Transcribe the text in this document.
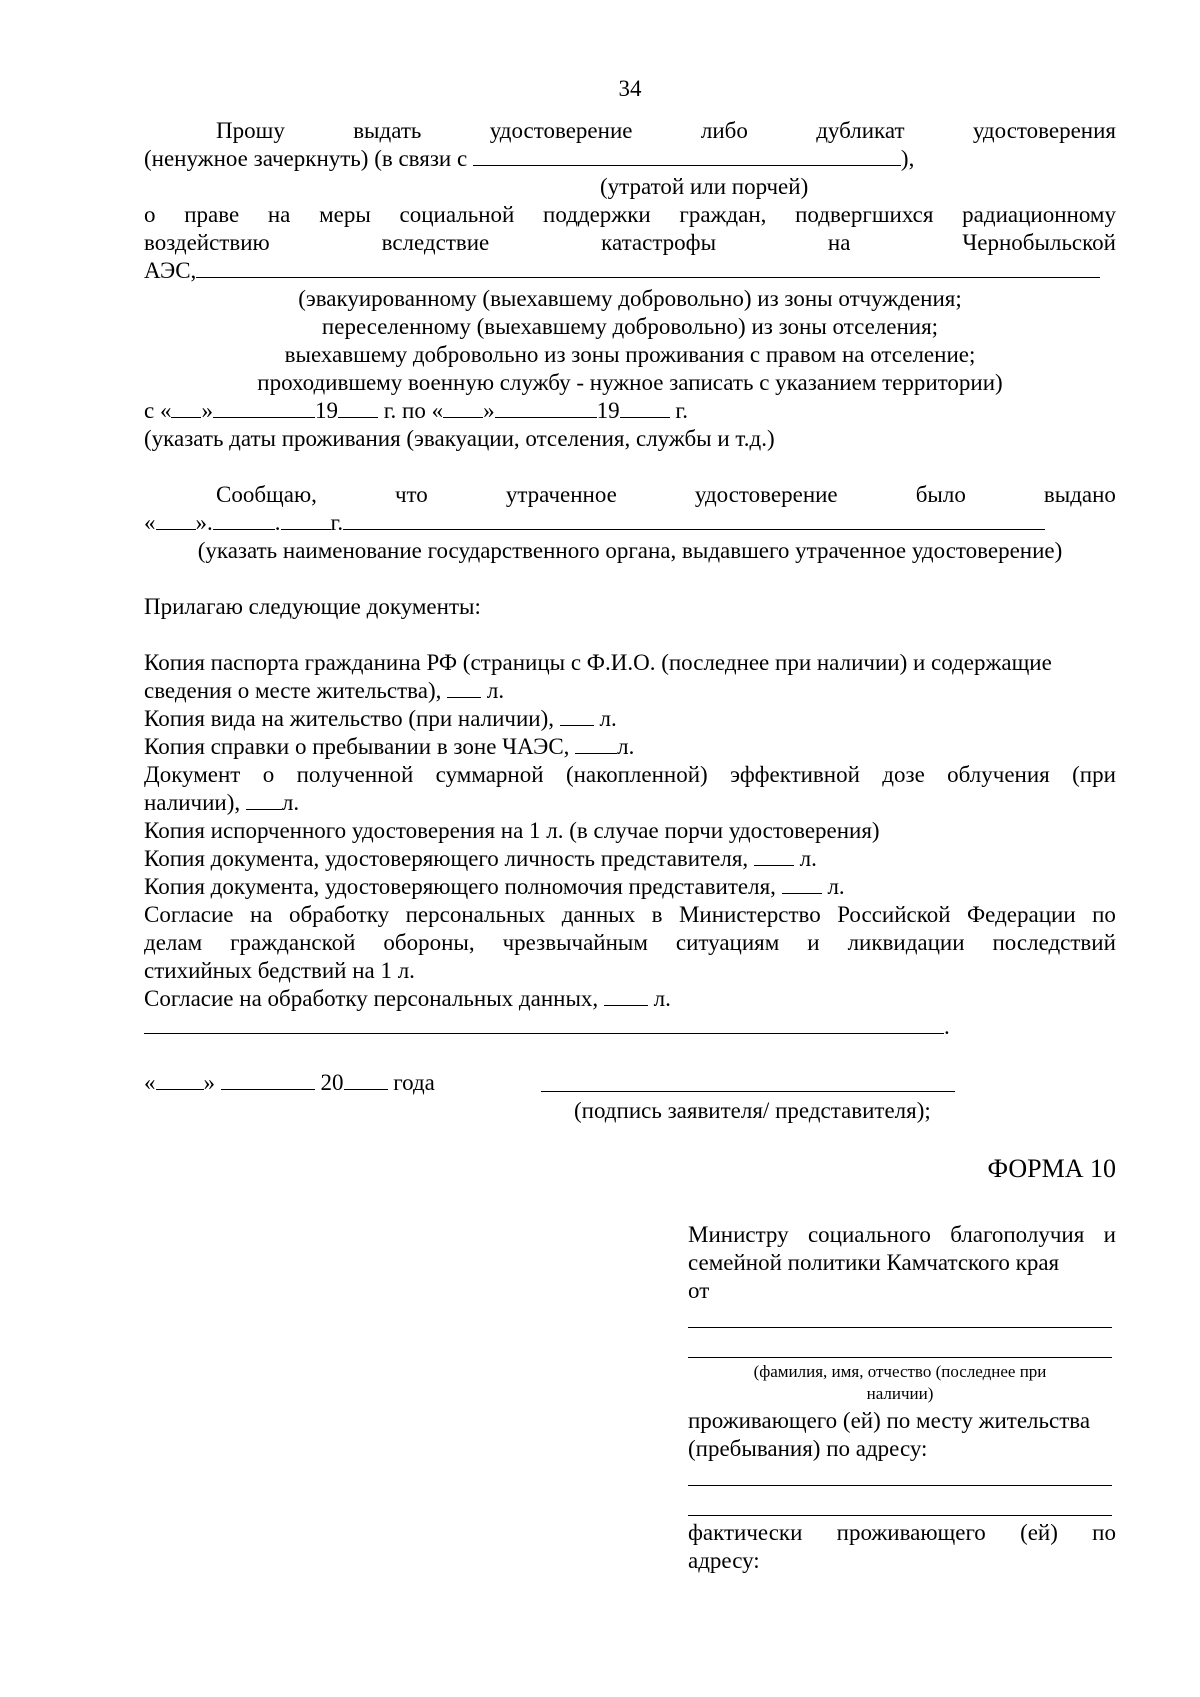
34
Прошу	выдать	удостоверение	либо	дубликат	удостоверения
(ненужное зачеркнуть) (в связи с	),
(утратой или порчей)
о праве на меры социальной поддержки граждан, подвергшихся радиационному
воздействию	вследствие	катастрофы	на	Чернобыльской
АЭС,
(эвакуированному (выехавшему добровольно) из зоны отчуждения;
переселенному (выехавшему добровольно) из зоны отселения;
выехавшему добровольно из зоны проживания с правом на отселение;
проходившему военную службу - нужное записать с указанием территории)
с « »	19 г. по « »	19 г.
(указать даты проживания (эвакуации, отселения, службы и т.д.)
Сообщаю,	что	утраченное	удостоверение	было	выдано
« ».	. г.
(указать наименование государственного органа, выдавшего утраченное удостоверение)
Прилагаю следующие документы:
Копия паспорта гражданина РФ (страницы с Ф.И.О. (последнее при наличии) и содержащие
сведения о месте жительства), л.
Копия вида на жительство (при наличии), л.
Копия справки о пребывании в зоне ЧАЭС, л.
Документ о полученной суммарной (накопленной) эффективной дозе облучения (при
наличии), л.
Копия испорченного удостоверения на 1 л. (в случае порчи удостоверения)
Копия документа, удостоверяющего личность представителя, л.
Копия документа, удостоверяющего полномочия представителя, л.
Согласие на обработку персональных данных в Министерство Российской Федерации по
делам гражданской обороны, чрезвычайным ситуациям и ликвидации последствий
стихийных бедствий на 1 л.
Согласие на обработку персональных данных, л.
.
« »	20 года
(подпись заявителя/ представителя);
ФОРМА 10
Министру социального благополучия и
семейной политики Камчатского края
от
(фамилия, имя, отчество (последнее при
наличии)
проживающего (ей) по месту жительства
(пребывания) по адресу:
фактически проживающего (ей) по
адресу:
